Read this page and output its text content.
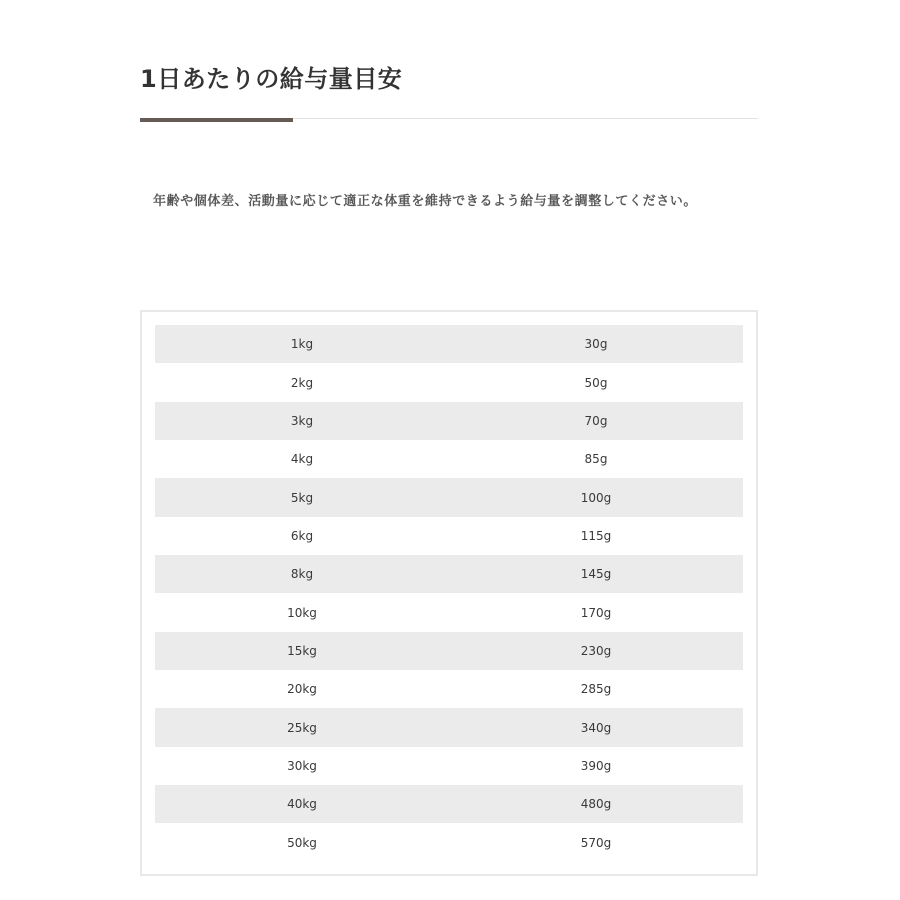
1日あたりの給与量目安

年齢や個体差、活動量に応じて適正な体重を維持できるよう給与量を調整してください。

1kg	30g
2kg	50g
3kg	70g
4kg	85g
5kg	100g
6kg	115g
8kg	145g
10kg	170g
15kg	230g
20kg	285g
25kg	340g
30kg	390g
40kg	480g
50kg	570g
